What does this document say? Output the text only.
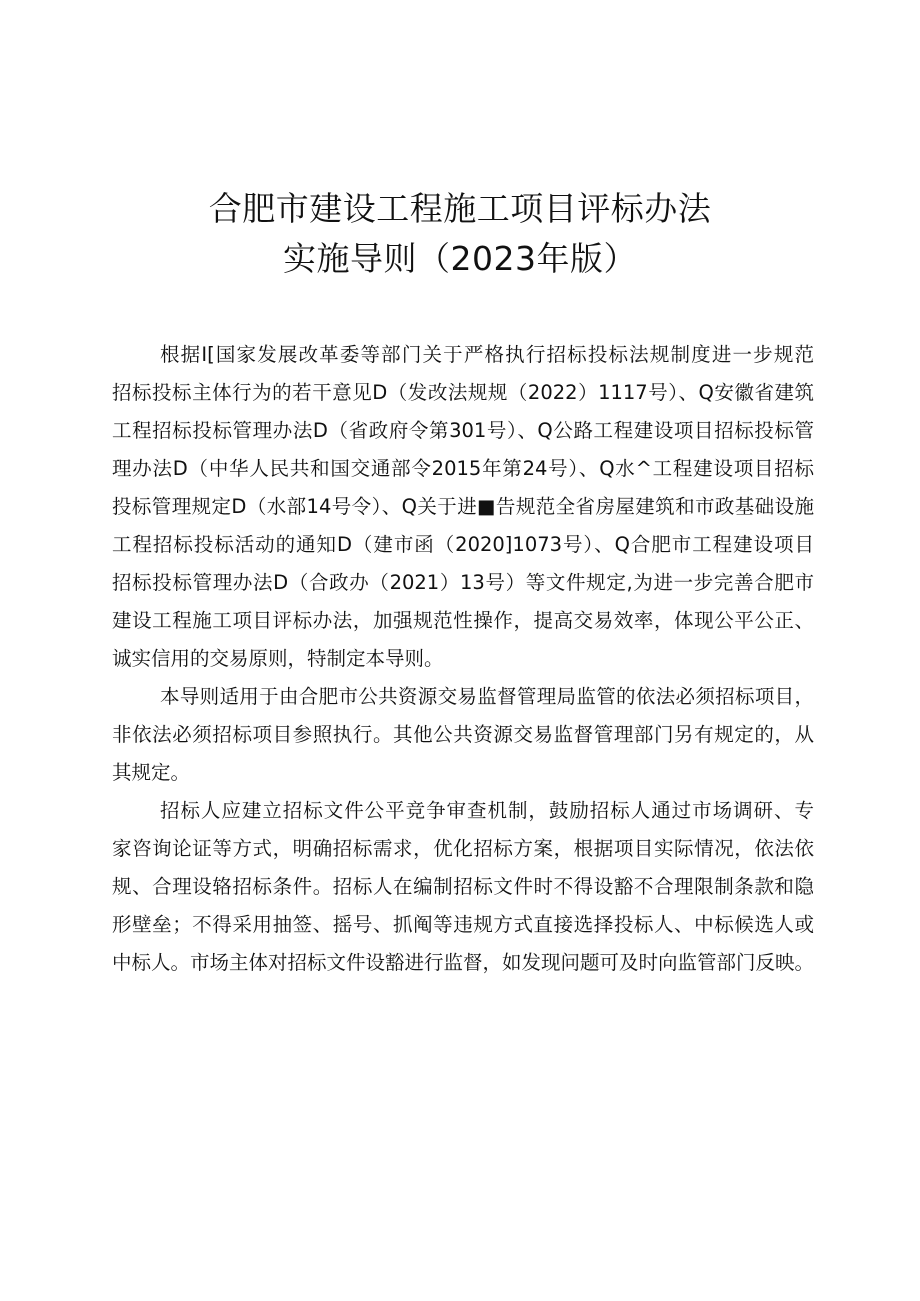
合肥市建设工程施工项目评标办法
实施导则（2023年版）
根据I[国家发展改革委等部门关于严格执行招标投标法规制度进一步规范
招标投标主体行为的若干意见D（发改法规规（2022）1117号）、Q安徽省建筑
工程招标投标管理办法D（省政府令第301号）、Q公路工程建设项目招标投标管
理办法D（中华人民共和国交通部令2015年第24号）、Q水^工程建设项目招标
投标管理规定D（水部14号令）、Q关于进■告规范全省房屋建筑和市政基础设施
工程招标投标活动的通知D（建市函（2020]1073号）、Q合肥市工程建设项目
招标投标管理办法D（合政办（2021）13号）等文件规定,为进一步完善合肥市
建设工程施工项目评标办法，加强规范性操作，提高交易效率，体现公平公正、
诚实信用的交易原则，特制定本导则。
本导则适用于由合肥市公共资源交易监督管理局监管的依法必须招标项目，
非依法必须招标项目参照执行。其他公共资源交易监督管理部门另有规定的，从
其规定。
招标人应建立招标文件公平竞争审查机制，鼓励招标人通过市场调研、专
家咨询论证等方式，明确招标需求，优化招标方案，根据项目实际情况，依法依
规、合理设辂招标条件。招标人在编制招标文件时不得设豁不合理限制条款和隐
形壁垒；不得采用抽签、摇号、抓阄等违规方式直接选择投标人、中标候选人或
中标人。市场主体对招标文件设豁进行监督，如发现问题可及时向监管部门反映。
